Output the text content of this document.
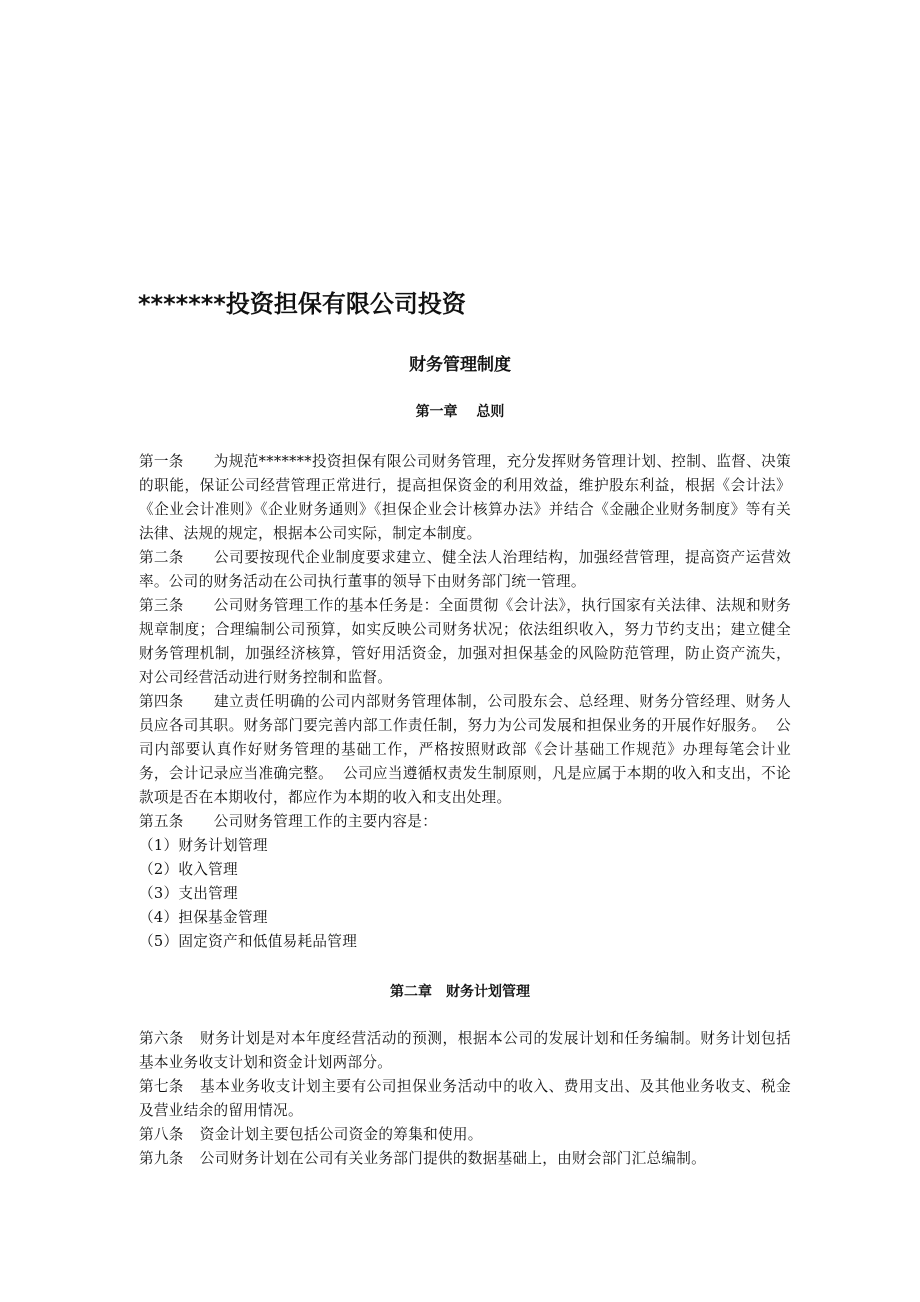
*******投资担保有限公司投资
财务管理制度
第一章　 总则

第一条 为规范*******投资担保有限公司财务管理，充分发挥财务管理计划、控制、监督、决策的职能，保证公司经营管理正常进行，提高担保资金的利用效益，维护股东利益，根据《会计法》《企业会计准则》《企业财务通则》《担保企业会计核算办法》并结合《金融企业财务制度》等有关法律、法规的规定，根据本公司实际，制定本制度。

第二条 公司要按现代企业制度要求建立、健全法人治理结构，加强经营管理，提高资产运营效率。公司的财务活动在公司执行董事的领导下由财务部门统一管理。

第三条 公司财务管理工作的基本任务是：全面贯彻《会计法》，执行国家有关法律、法规和财务规章制度；合理编制公司预算，如实反映公司财务状况；依法组织收入，努力节约支出；建立健全财务管理机制，加强经济核算，管好用活资金，加强对担保基金的风险防范管理，防止资产流失，对公司经营活动进行财务控制和监督。

第四条 建立责任明确的公司内部财务管理体制，公司股东会、总经理、财务分管经理、财务人员应各司其职。财务部门要完善内部工作责任制，努力为公司发展和担保业务的开展作好服务。  公司内部要认真作好财务管理的基础工作，严格按照财政部《会计基础工作规范》办理每笔会计业务，会计记录应当准确完整。  公司应当遵循权责发生制原则，凡是应属于本期的收入和支出，不论款项是否在本期收付，都应作为本期的收入和支出处理。

第五条 公司财务管理工作的主要内容是：

（1）财务计划管理

（2）收入管理

（3）支出管理

（4）担保基金管理

（5）固定资产和低值易耗品管理

第二章　财务计划管理

第六条 财务计划是对本年度经营活动的预测，根据本公司的发展计划和任务编制。财务计划包括基本业务收支计划和资金计划两部分。

第七条 基本业务收支计划主要有公司担保业务活动中的收入、费用支出、及其他业务收支、税金及营业结余的留用情况。

第八条 资金计划主要包括公司资金的筹集和使用。

第九条 公司财务计划在公司有关业务部门提供的数据基础上，由财会部门汇总编制。
